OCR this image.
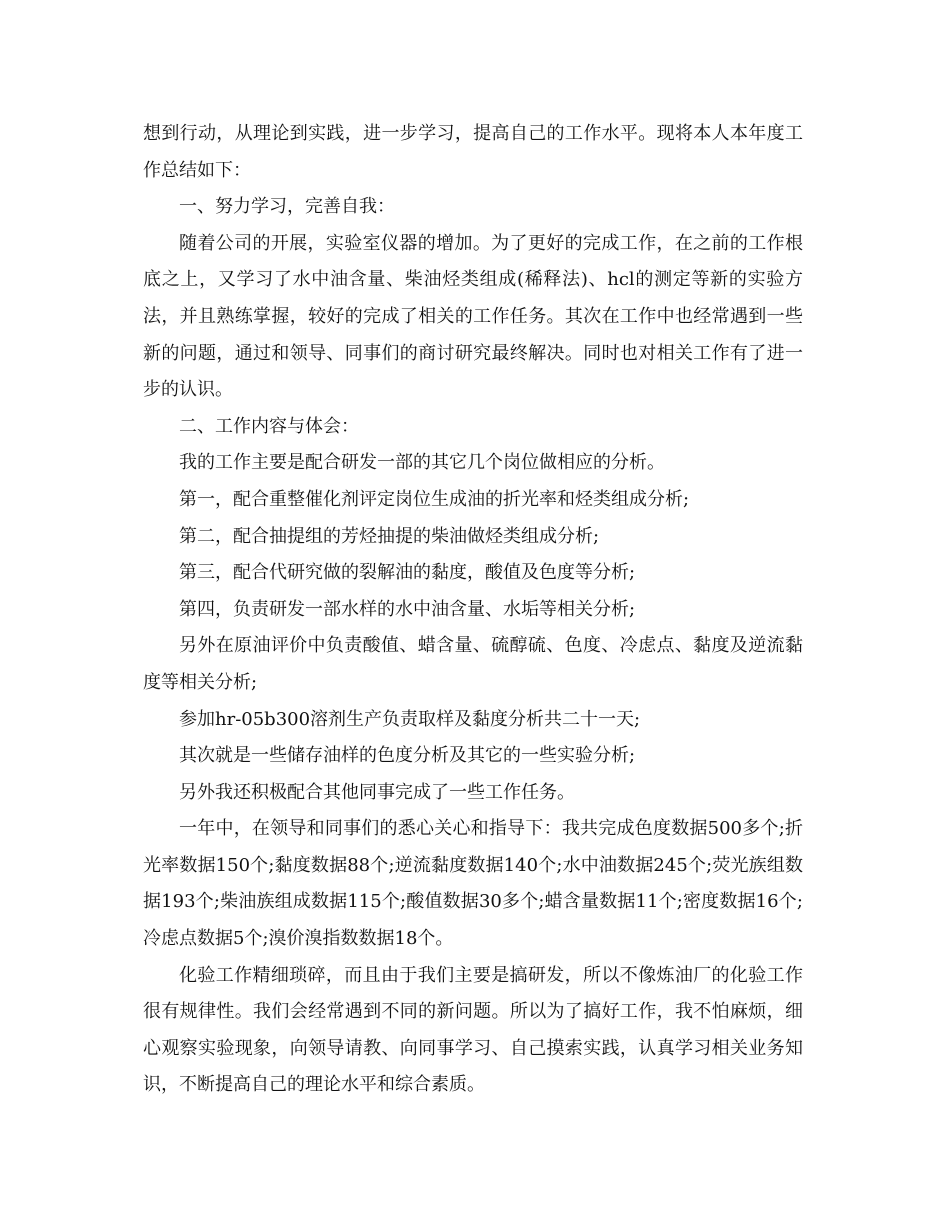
想到行动，从理论到实践，进一步学习，提高自己的工作水平。现将本人本年度工作总结如下：

一、努力学习，完善自我：

随着公司的开展，实验室仪器的增加。为了更好的完成工作，在之前的工作根底之上，又学习了水中油含量、柴油烃类组成(稀释法)、hcl的测定等新的实验方法，并且熟练掌握，较好的完成了相关的工作任务。其次在工作中也经常遇到一些新的问题，通过和领导、同事们的商讨研究最终解决。同时也对相关工作有了进一步的认识。

二、工作内容与体会：

我的工作主要是配合研发一部的其它几个岗位做相应的分析。

第一，配合重整催化剂评定岗位生成油的折光率和烃类组成分析;

第二，配合抽提组的芳烃抽提的柴油做烃类组成分析;

第三，配合代研究做的裂解油的黏度，酸值及色度等分析;

第四，负责研发一部水样的水中油含量、水垢等相关分析;

另外在原油评价中负责酸值、蜡含量、硫醇硫、色度、冷虑点、黏度及逆流黏度等相关分析;

参加hr-05b300溶剂生产负责取样及黏度分析共二十一天;

其次就是一些储存油样的色度分析及其它的一些实验分析;

另外我还积极配合其他同事完成了一些工作任务。

一年中，在领导和同事们的悉心关心和指导下：我共完成色度数据500多个;折光率数据150个;黏度数据88个;逆流黏度数据140个;水中油数据245个;荧光族组数据193个;柴油族组成数据115个;酸值数据30多个;蜡含量数据11个;密度数据16个;冷虑点数据5个;溴价溴指数数据18个。

化验工作精细琐碎，而且由于我们主要是搞研发，所以不像炼油厂的化验工作很有规律性。我们会经常遇到不同的新问题。所以为了搞好工作，我不怕麻烦，细心观察实验现象，向领导请教、向同事学习、自己摸索实践，认真学习相关业务知识，不断提高自己的理论水平和综合素质。
